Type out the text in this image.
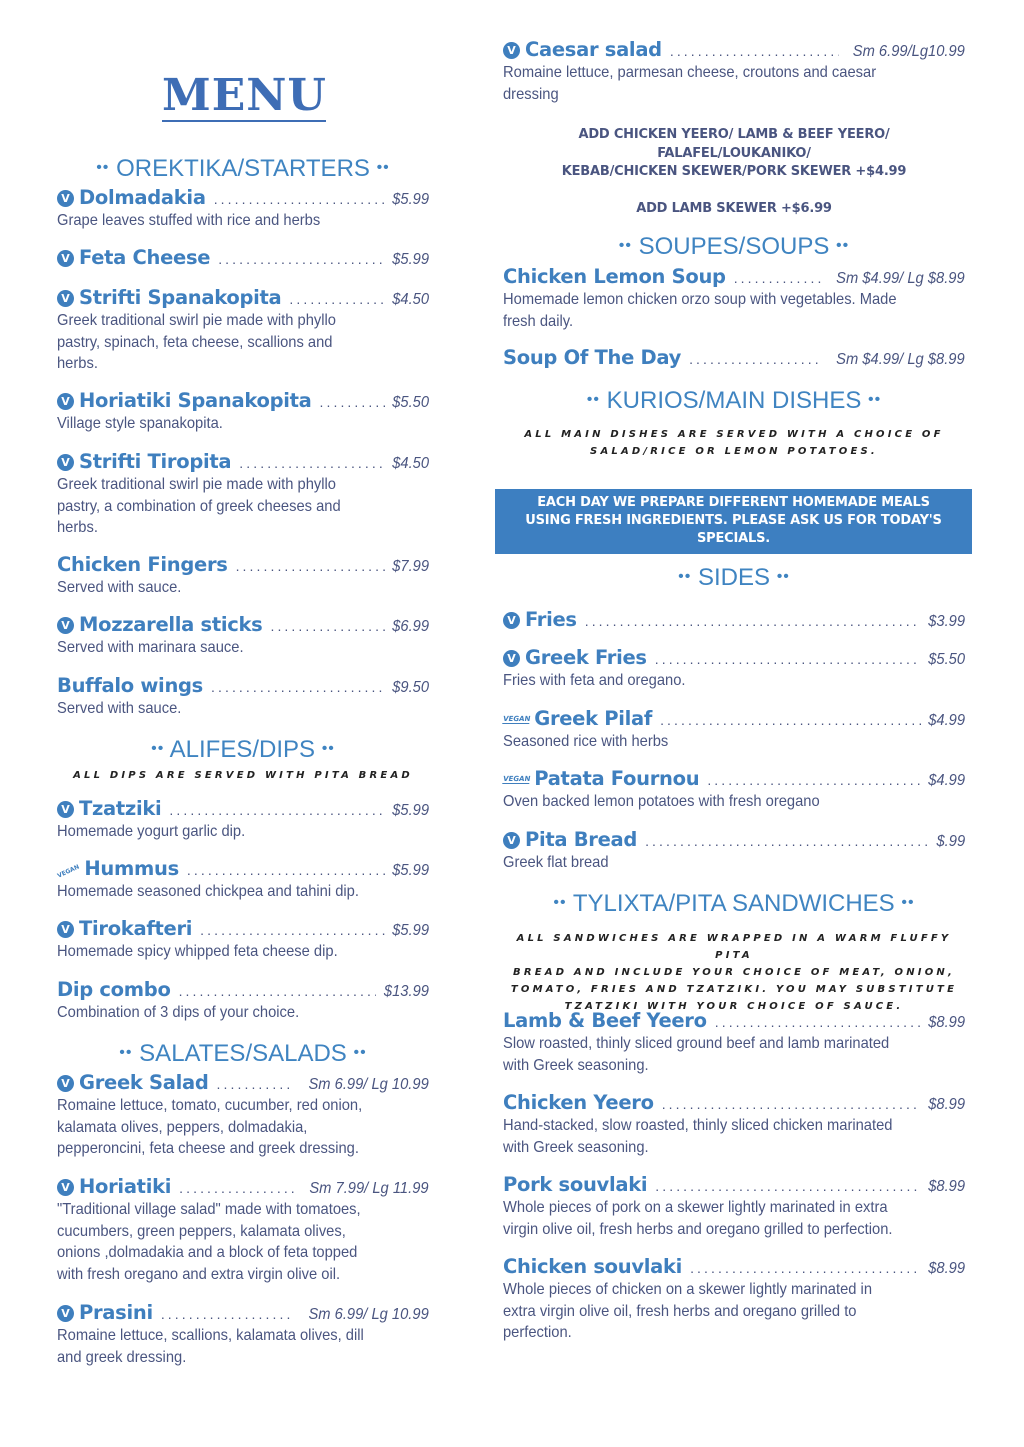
MENU
•• OREKTIKA/STARTERS ••
V Dolmadakia . . .	$5.99
Grape leaves stuffed with rice and herbs
V Feta Cheese . . .	$5.99
V Strifti Spanakopita . . .	$4.50
Greek traditional swirl pie made with phyllo
pastry, spinach, feta cheese, scallions and
herbs.
V Horiatiki Spanakopita . . .	$5.50
Village style spanakopita.
V Strifti Tiropita . . .	$4.50
Greek traditional swirl pie made with phyllo
pastry, a combination of greek cheeses and
herbs.
Chicken Fingers . . .	$7.99
Served with sauce.
V Mozzarella sticks . . .	$6.99
Served with marinara sauce.
Buffalo wings . . .	$9.50
Served with sauce.
•• ALIFES/DIPS ••
ALL DIPS ARE SERVED WITH PITA BREAD
V Tzatziki . . .	$5.99
Homemade yogurt garlic dip.
VEGAN Hummus . . .	$5.99
Homemade seasoned chickpea and tahini dip.
V Tirokafteri . . .	$5.99
Homemade spicy whipped feta cheese dip.
Dip combo . . .	$13.99
Combination of 3 dips of your choice.
•• SALATES/SALADS ••
V Greek Salad . . .	Sm 6.99/ Lg 10.99
Romaine lettuce, tomato, cucumber, red onion,
kalamata olives, peppers, dolmadakia,
pepperoncini, feta cheese and greek dressing.
V Horiatiki . . .	Sm 7.99/ Lg 11.99
"Traditional village salad" made with tomatoes,
cucumbers, green peppers, kalamata olives,
onions ,dolmadakia and a block of feta topped
with fresh oregano and extra virgin olive oil.
V Prasini . . .	Sm 6.99/ Lg 10.99
Romaine lettuce, scallions, kalamata olives, dill
and greek dressing.
V Caesar salad . . .	Sm 6.99/Lg10.99
Romaine lettuce, parmesan cheese, croutons and caesar
dressing
ADD CHICKEN YEERO/ LAMB & BEEF YEERO/
FALAFEL/LOUKANIKO/
KEBAB/CHICKEN SKEWER/PORK SKEWER +$4.99
ADD LAMB SKEWER +$6.99
•• SOUPES/SOUPS ••
Chicken Lemon Soup . . .	Sm $4.99/ Lg $8.99
Homemade lemon chicken orzo soup with vegetables. Made
fresh daily.
Soup Of The Day . . .	Sm $4.99/ Lg $8.99
•• KURIOS/MAIN DISHES ••
ALL MAIN DISHES ARE SERVED WITH A CHOICE OF
SALAD/RICE OR LEMON POTATOES.
EACH DAY WE PREPARE DIFFERENT HOMEMADE MEALS
USING FRESH INGREDIENTS. PLEASE ASK US FOR TODAY'S
SPECIALS.
•• SIDES ••
V Fries . . .	$3.99
V Greek Fries . . .	$5.50
Fries with feta and oregano.
VEGAN Greek Pilaf . . .	$4.99
Seasoned rice with herbs
VEGAN Patata Fournou . . .	$4.99
Oven backed lemon potatoes with fresh oregano
V Pita Bread . . .	$.99
Greek flat bread
•• TYLIXTA/PITA SANDWICHES ••
ALL SANDWICHES ARE WRAPPED IN A WARM FLUFFY PITA
BREAD AND INCLUDE YOUR CHOICE OF MEAT, ONION,
TOMATO, FRIES AND TZATZIKI. YOU MAY SUBSTITUTE
TZATZIKI WITH YOUR CHOICE OF SAUCE.
Lamb & Beef Yeero . . .	$8.99
Slow roasted, thinly sliced ground beef and lamb marinated
with Greek seasoning.
Chicken Yeero . . .	$8.99
Hand-stacked, slow roasted, thinly sliced chicken marinated
with Greek seasoning.
Pork souvlaki . . .	$8.99
Whole pieces of pork on a skewer lightly marinated in extra
virgin olive oil, fresh herbs and oregano grilled to perfection.
Chicken souvlaki . . .	$8.99
Whole pieces of chicken on a skewer lightly marinated in
extra virgin olive oil, fresh herbs and oregano grilled to
perfection.
